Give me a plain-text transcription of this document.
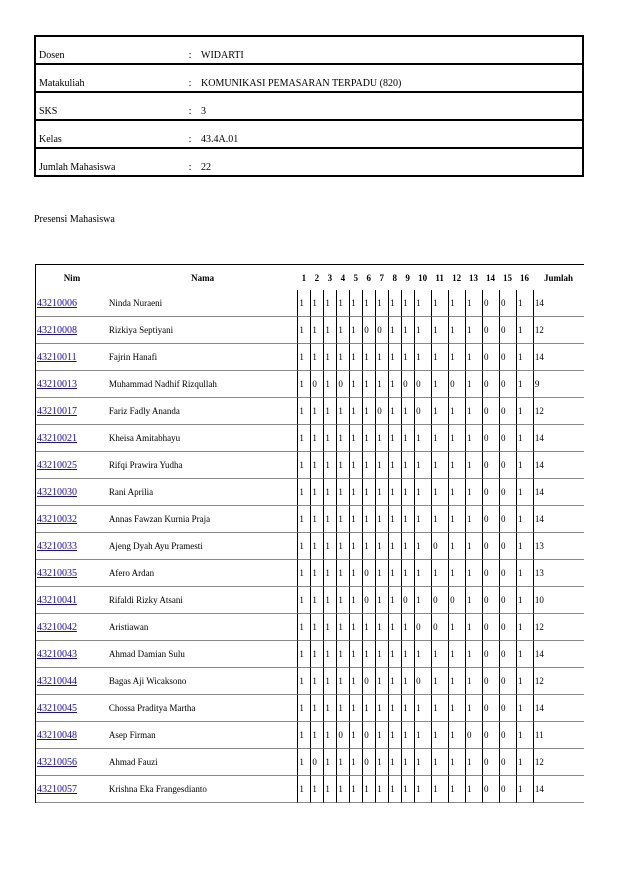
Dosen	:	WIDARTI
Matakuliah	:	KOMUNIKASI PEMASARAN TERPADU (820)
SKS	:	3
Kelas	:	43.4A.01
Jumlah Mahasiswa	:	22
Presensi Mahasiswa
Nim	Nama	1	2	3	4	5	6	7	8	9	10	11	12	13	14	15	16	Jumlah
43210006	Ninda Nuraeni	1	1	1	1	1	1	1	1	1	1	1	1	1	0	0	1	14
43210008	Rizkiya Septiyani	1	1	1	1	1	0	0	1	1	1	1	1	1	0	0	1	12
43210011	Fajrin Hanafi	1	1	1	1	1	1	1	1	1	1	1	1	1	0	0	1	14
43210013	Muhammad Nadhif Rizqullah	1	0	1	0	1	1	1	1	0	0	1	0	1	0	0	1	9
43210017	Fariz Fadly Ananda	1	1	1	1	1	1	0	1	1	0	1	1	1	0	0	1	12
43210021	Kheisa Amitabhayu	1	1	1	1	1	1	1	1	1	1	1	1	1	0	0	1	14
43210025	Rifqi Prawira Yudha	1	1	1	1	1	1	1	1	1	1	1	1	1	0	0	1	14
43210030	Rani Aprilia	1	1	1	1	1	1	1	1	1	1	1	1	1	0	0	1	14
43210032	Annas Fawzan Kurnia Praja	1	1	1	1	1	1	1	1	1	1	1	1	1	0	0	1	14
43210033	Ajeng Dyah Ayu Pramesti	1	1	1	1	1	1	1	1	1	1	0	1	1	0	0	1	13
43210035	Afero Ardan	1	1	1	1	1	0	1	1	1	1	1	1	1	0	0	1	13
43210041	Rifaldi Rizky Atsani	1	1	1	1	1	0	1	1	0	1	0	0	1	0	0	1	10
43210042	Aristiawan	1	1	1	1	1	1	1	1	1	0	0	1	1	0	0	1	12
43210043	Ahmad Damian Sulu	1	1	1	1	1	1	1	1	1	1	1	1	1	0	0	1	14
43210044	Bagas Aji Wicaksono	1	1	1	1	1	0	1	1	1	0	1	1	1	0	0	1	12
43210045	Chossa Praditya Martha	1	1	1	1	1	1	1	1	1	1	1	1	1	0	0	1	14
43210048	Asep Firman	1	1	1	0	1	0	1	1	1	1	1	1	0	0	0	1	11
43210056	Ahmad Fauzi	1	0	1	1	1	0	1	1	1	1	1	1	1	0	0	1	12
43210057	Krishna Eka Frangesdianto	1	1	1	1	1	1	1	1	1	1	1	1	1	0	0	1	14
